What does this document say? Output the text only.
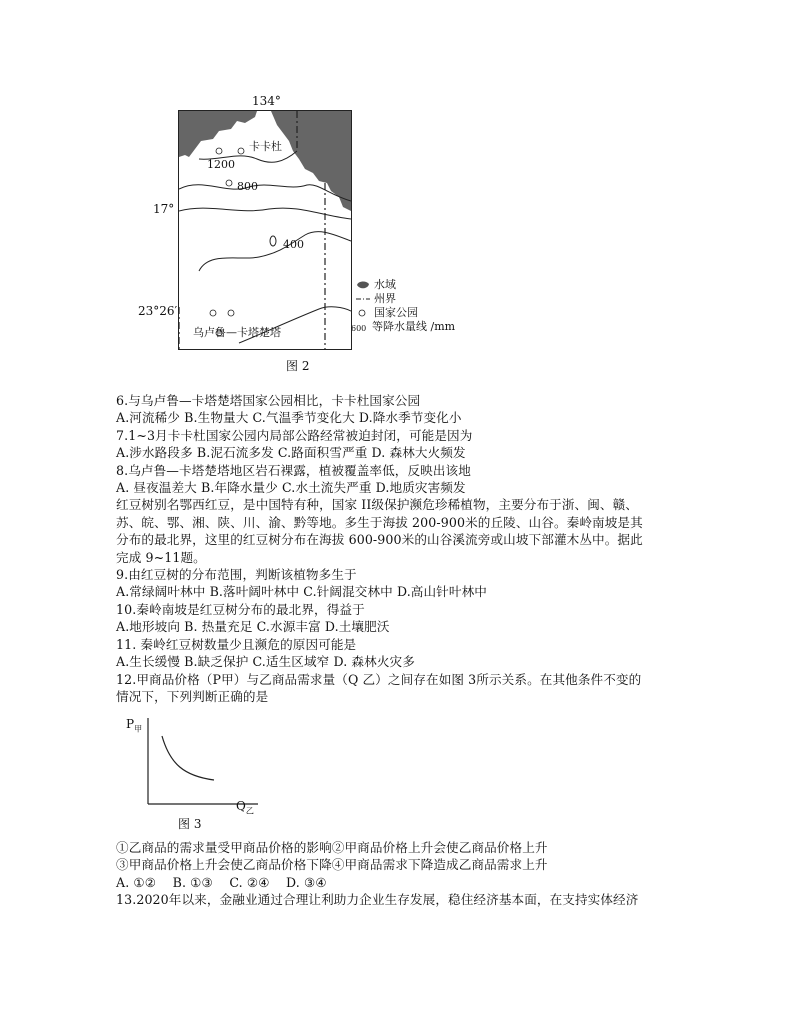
134°
17°
23°26′
卡卡杜
1200
800
400
乌卢鲁—卡塔楚塔
水域
州界
国家公园
600 等降水量线 /mm
图 2
6.与乌卢鲁—卡塔楚塔国家公园相比，卡卡杜国家公园
A.河流稀少 B.生物量大 C.气温季节变化大 D.降水季节变化小
7.1~3月卡卡杜国家公园内局部公路经常被迫封闭，可能是因为
A.涉水路段多 B.泥石流多发 C.路面积雪严重 D. 森林大火频发
8.乌卢鲁—卡塔楚塔地区岩石裸露，植被覆盖率低，反映出该地
A. 昼夜温差大 B.年降水量少 C.水土流失严重 D.地质灾害频发
红豆树别名鄂西红豆，是中国特有种，国家 II级保护濒危珍稀植物，主要分布于浙、闽、赣、
苏、皖、鄂、湘、陕、川、渝、黔等地。多生于海拔 200-900米的丘陵、山谷。秦岭南坡是其
分布的最北界，这里的红豆树分布在海拔 600-900米的山谷溪流旁或山坡下部灌木丛中。据此
完成 9~11题。
9.由红豆树的分布范围，判断该植物多生于
A.常绿阔叶林中 B.落叶阔叶林中 C.针阔混交林中 D.高山针叶林中
10.秦岭南坡是红豆树分布的最北界，得益于
A.地形坡向 B. 热量充足 C.水源丰富 D.土壤肥沃
11. 秦岭红豆树数量少且濒危的原因可能是
A.生长缓慢 B.缺乏保护 C.适生区域窄 D. 森林火灾多
12.甲商品价格（P甲）与乙商品需求量（Q 乙）之间存在如图 3所示关系。在其他条件不变的
情况下，下列判断正确的是
$P_甲$
$Q_乙$
图 3
①乙商品的需求量受甲商品价格的影响②甲商品价格上升会使乙商品价格上升
③甲商品价格上升会使乙商品价格下降④甲商品需求下降造成乙商品需求上升
A. ①②    B. ①③    C. ②④    D. ③④
13.2020年以来，金融业通过合理让利助力企业生存发展，稳住经济基本面，在支持实体经济
